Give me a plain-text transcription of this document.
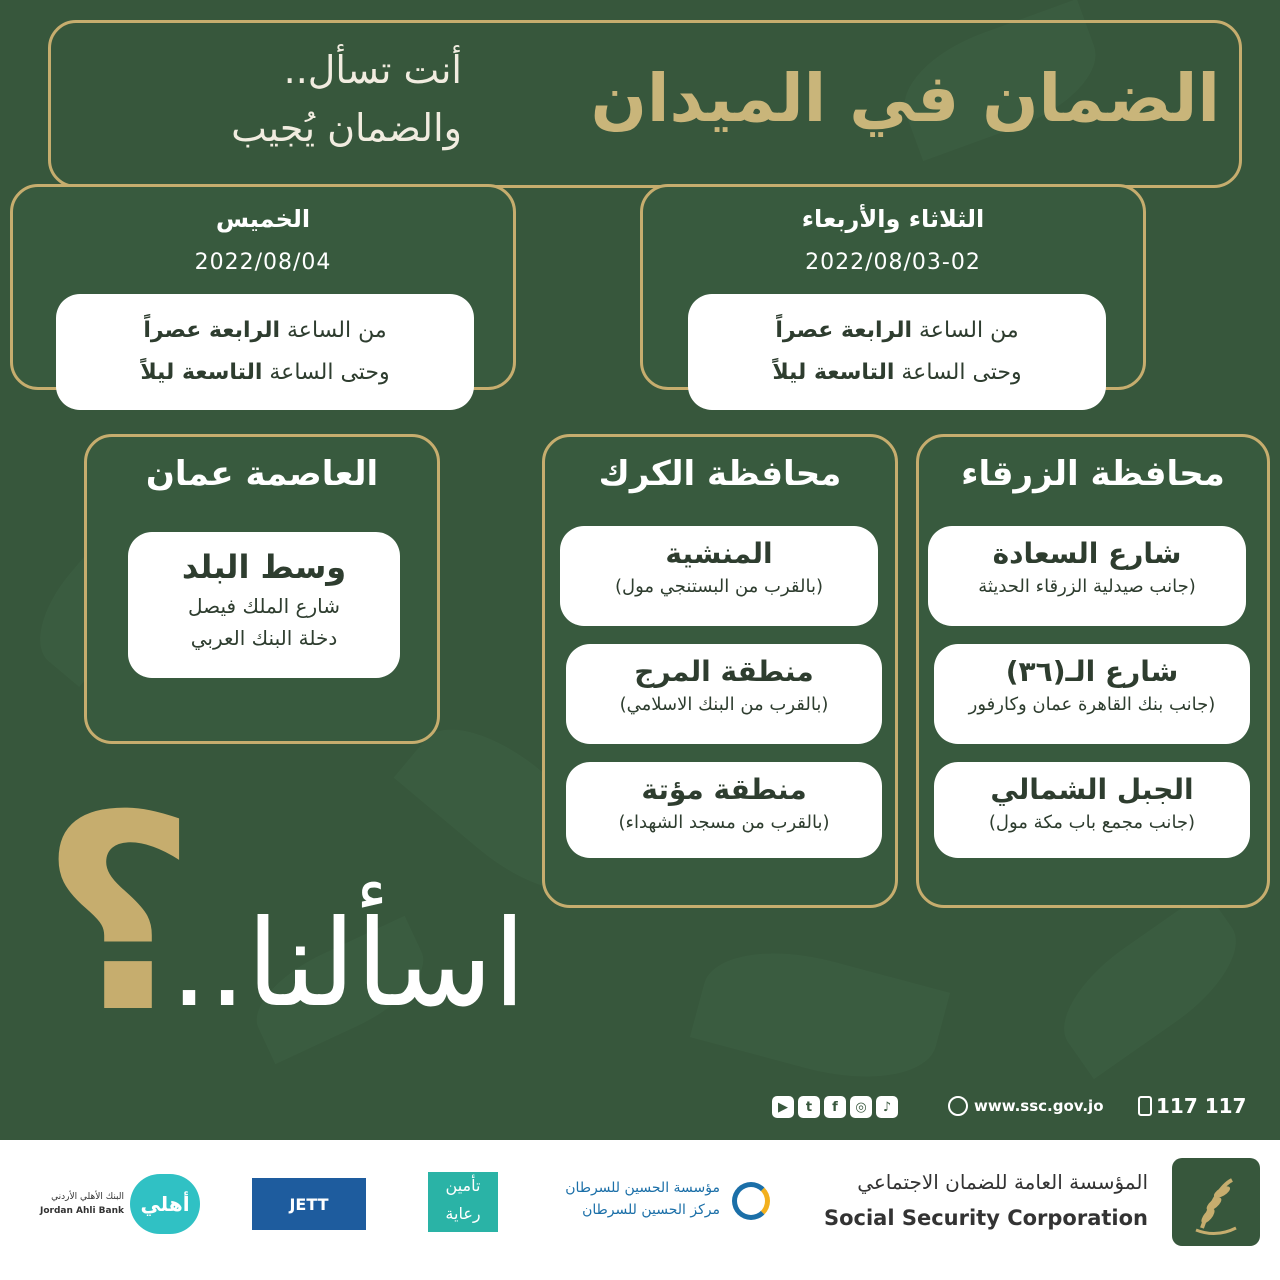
الضمان في الميدان
أنت تسأل..
والضمان يُجيب
الثلاثاء والأربعاء
2022/08/03-02
من الساعة الرابعة عصراً
وحتى الساعة التاسعة ليلاً
الخميس
2022/08/04
من الساعة الرابعة عصراً
وحتى الساعة التاسعة ليلاً
محافظة الزرقاء
شارع السعادة
(جانب صيدلية الزرقاء الحديثة
شارع الـ(٣٦)
(جانب بنك القاهرة عمان وكارفور
الجبل الشمالي
(جانب مجمع باب مكة مول)
محافظة الكرك
المنشية
(بالقرب من البستنجي مول)
منطقة المرج
(بالقرب من البنك الاسلامي)
منطقة مؤتة
(بالقرب من مسجد الشهداء)
العاصمة عمان
وسط البلد
شارع الملك فيصل
دخلة البنك العربي
؟
اسألنا..
▶	t	f	◎	♪	www.ssc.gov.jo	117 117
المؤسسة العامة للضمان الاجتماعي
Social Security Corporation
مؤسسة الحسين للسرطان
مركز الحسين للسرطان
تأمين
رعاية
JETT
أهلي
البنك الأهلي الأردني
Jordan Ahli Bank
